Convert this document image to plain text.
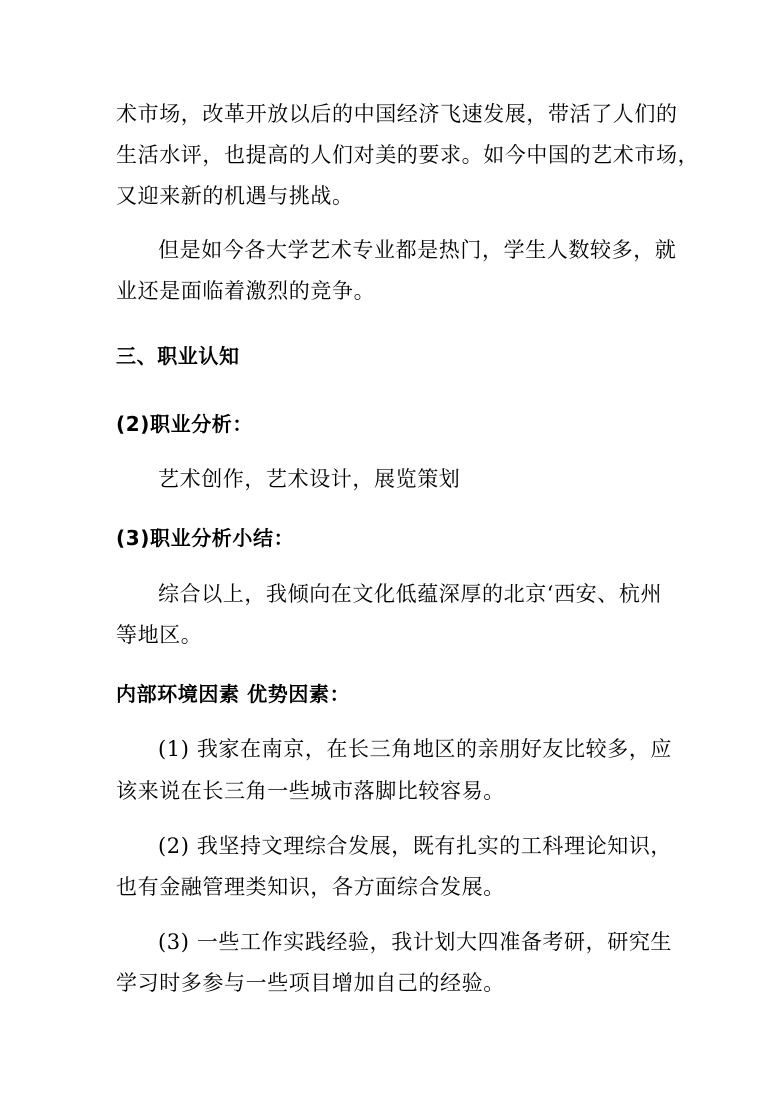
术市场，改革开放以后的中国经济飞速发展，带活了人们的
生活水评，也提高的人们对美的要求。如今中国的艺术市场，
又迎来新的机遇与挑战。
但是如今各大学艺术专业都是热门，学生人数较多，就
业还是面临着激烈的竞争。
三、职业认知
(2)职业分析：
艺术创作，艺术设计，展览策划
(3)职业分析小结：
综合以上，我倾向在文化低蕴深厚的北京‘西安、杭州
等地区。
内部环境因素 优势因素：
(1) 我家在南京，在长三角地区的亲朋好友比较多，应
该来说在长三角一些城市落脚比较容易。
(2) 我坚持文理综合发展，既有扎实的工科理论知识，
也有金融管理类知识，各方面综合发展。
(3) 一些工作实践经验，我计划大四准备考研，研究生
学习时多参与一些项目增加自己的经验。
